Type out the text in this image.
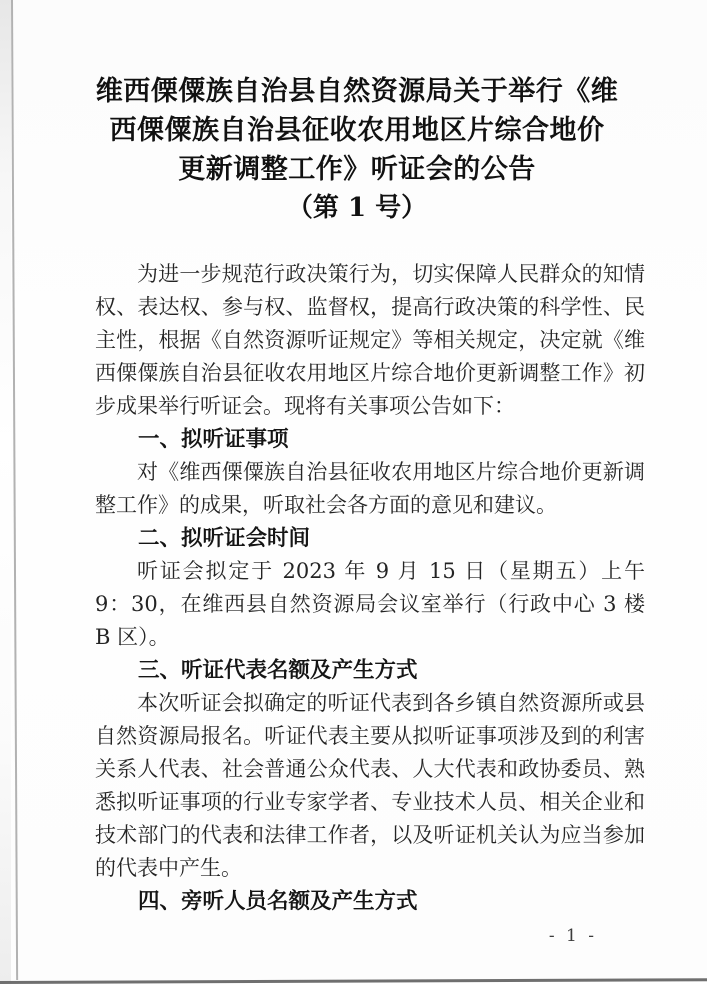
维西傈僳族自治县自然资源局关于举行《维
西傈僳族自治县征收农用地区片综合地价
更新调整工作》听证会的公告
（第 1 号）

为进一步规范行政决策行为，切实保障人民群众的知情权、表达权、参与权、监督权，提高行政决策的科学性、民主性，根据《自然资源听证规定》等相关规定，决定就《维西傈僳族自治县征收农用地区片综合地价更新调整工作》初步成果举行听证会。现将有关事项公告如下：

一、拟听证事项

对《维西傈僳族自治县征收农用地区片综合地价更新调整工作》的成果，听取社会各方面的意见和建议。

二、拟听证会时间

听证会拟定于 2023 年 9 月 15 日（星期五）上午 9：30，在维西县自然资源局会议室举行（行政中心 3 楼 B 区）。

三、听证代表名额及产生方式

本次听证会拟确定的听证代表到各乡镇自然资源所或县自然资源局报名。听证代表主要从拟听证事项涉及到的利害关系人代表、社会普通公众代表、人大代表和政协委员、熟悉拟听证事项的行业专家学者、专业技术人员、相关企业和技术部门的代表和法律工作者，以及听证机关认为应当参加的代表中产生。

四、旁听人员名额及产生方式
- 1 -
